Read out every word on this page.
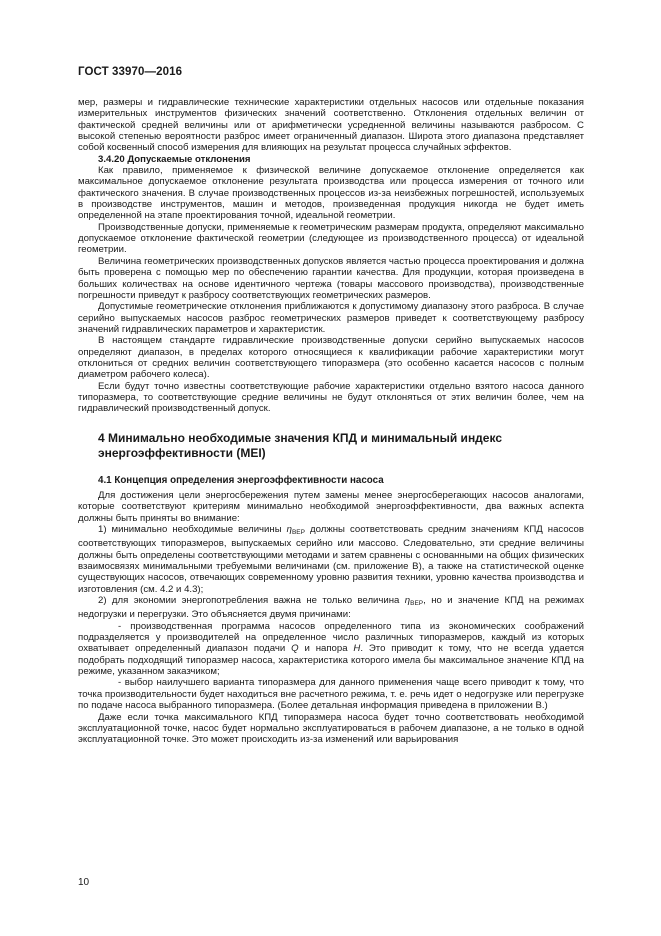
ГОСТ 33970—2016

мер, размеры и гидравлические технические характеристики отдельных насосов или отдельные показания измерительных инструментов физических значений соответственно. Отклонения отдельных величин от фактической средней величины или от арифметически усредненной величины называются разбросом. С высокой степенью вероятности разброс имеет ограниченный диапазон. Широта этого диапазона представляет собой косвенный способ измерения для влияющих на результат процесса случайных эффектов.

3.4.20 Допускаемые отклонения

Как правило, применяемое к физической величине допускаемое отклонение определяется как максимальное допускаемое отклонение результата производства или процесса измерения от точного или фактического значения. В случае производственных процессов из-за неизбежных погрешностей, используемых в производстве инструментов, машин и методов, произведенная продукция никогда не будет иметь определенной на этапе проектирования точной, идеальной геометрии.

Производственные допуски, применяемые к геометрическим размерам продукта, определяют максимально допускаемое отклонение фактической геометрии (следующее из производственного процесса) от идеальной геометрии.

Величина геометрических производственных допусков является частью процесса проектирования и должна быть проверена с помощью мер по обеспечению гарантии качества. Для продукции, которая произведена в больших количествах на основе идентичного чертежа (товары массового производства), производственные погрешности приведут к разбросу соответствующих геометрических размеров.

Допустимые геометрические отклонения приближаются к допустимому диапазону этого разброса. В случае серийно выпускаемых насосов разброс геометрических размеров приведет к соответствующему разбросу значений гидравлических параметров и характеристик.

В настоящем стандарте гидравлические производственные допуски серийно выпускаемых насосов определяют диапазон, в пределах которого относящиеся к квалификации рабочие характеристики могут отклониться от средних величин соответствующего типоразмера (это особенно касается насосов с полным диаметром рабочего колеса).

Если будут точно известны соответствующие рабочие характеристики отдельно взятого насоса данного типоразмера, то соответствующие средние величины не будут отклоняться от этих величин более, чем на гидравлический производственный допуск.

4 Минимально необходимые значения КПД и минимальный индекс энергоэффективности (MEI)
4.1 Концепция определения энергоэффективности насоса

Для достижения цели энергосбережения путем замены менее энергосберегающих насосов аналогами, которые соответствуют критериям минимально необходимой энергоэффективности, два важных аспекта должны быть приняты во внимание:

1) минимально необходимые величины $\eta_{BEP}$ должны соответствовать средним значениям КПД насосов соответствующих типоразмеров, выпускаемых серийно или массово. Следовательно, эти средние величины должны быть определены соответствующими методами и затем сравнены с основанными на общих физических взаимосвязях минимальными требуемыми величинами (см. приложение В), а также на статистической оценке существующих насосов, отвечающих современному уровню развития техники, уровню качества производства и изготовления (см. 4.2 и 4.3);

2) для экономии энергопотребления важна не только величина $\eta_{BEP}$, но и значение КПД на режимах недогрузки и перегрузки. Это объясняется двумя причинами:

- производственная программа насосов определенного типа из экономических соображений подразделяется у производителей на определенное число различных типоразмеров, каждый из которых охватывает определенный диапазон подачи Q и напора H. Это приводит к тому, что не всегда удается подобрать подходящий типоразмер насоса, характеристика которого имела бы максимальное значение КПД на режиме, указанном заказчиком;

- выбор наилучшего варианта типоразмера для данного применения чаще всего приводит к тому, что точка производительности будет находиться вне расчетного режима, т. е. речь идет о недогрузке или перегрузке по подаче насоса выбранного типоразмера. (Более детальная информация приведена в приложении В.)

Даже если точка максимального КПД типоразмера насоса будет точно соответствовать необходимой эксплуатационной точке, насос будет нормально эксплуатироваться в рабочем диапазоне, а не только в одной эксплуатационной точке. Это может происходить из-за изменений или варьирования

10
